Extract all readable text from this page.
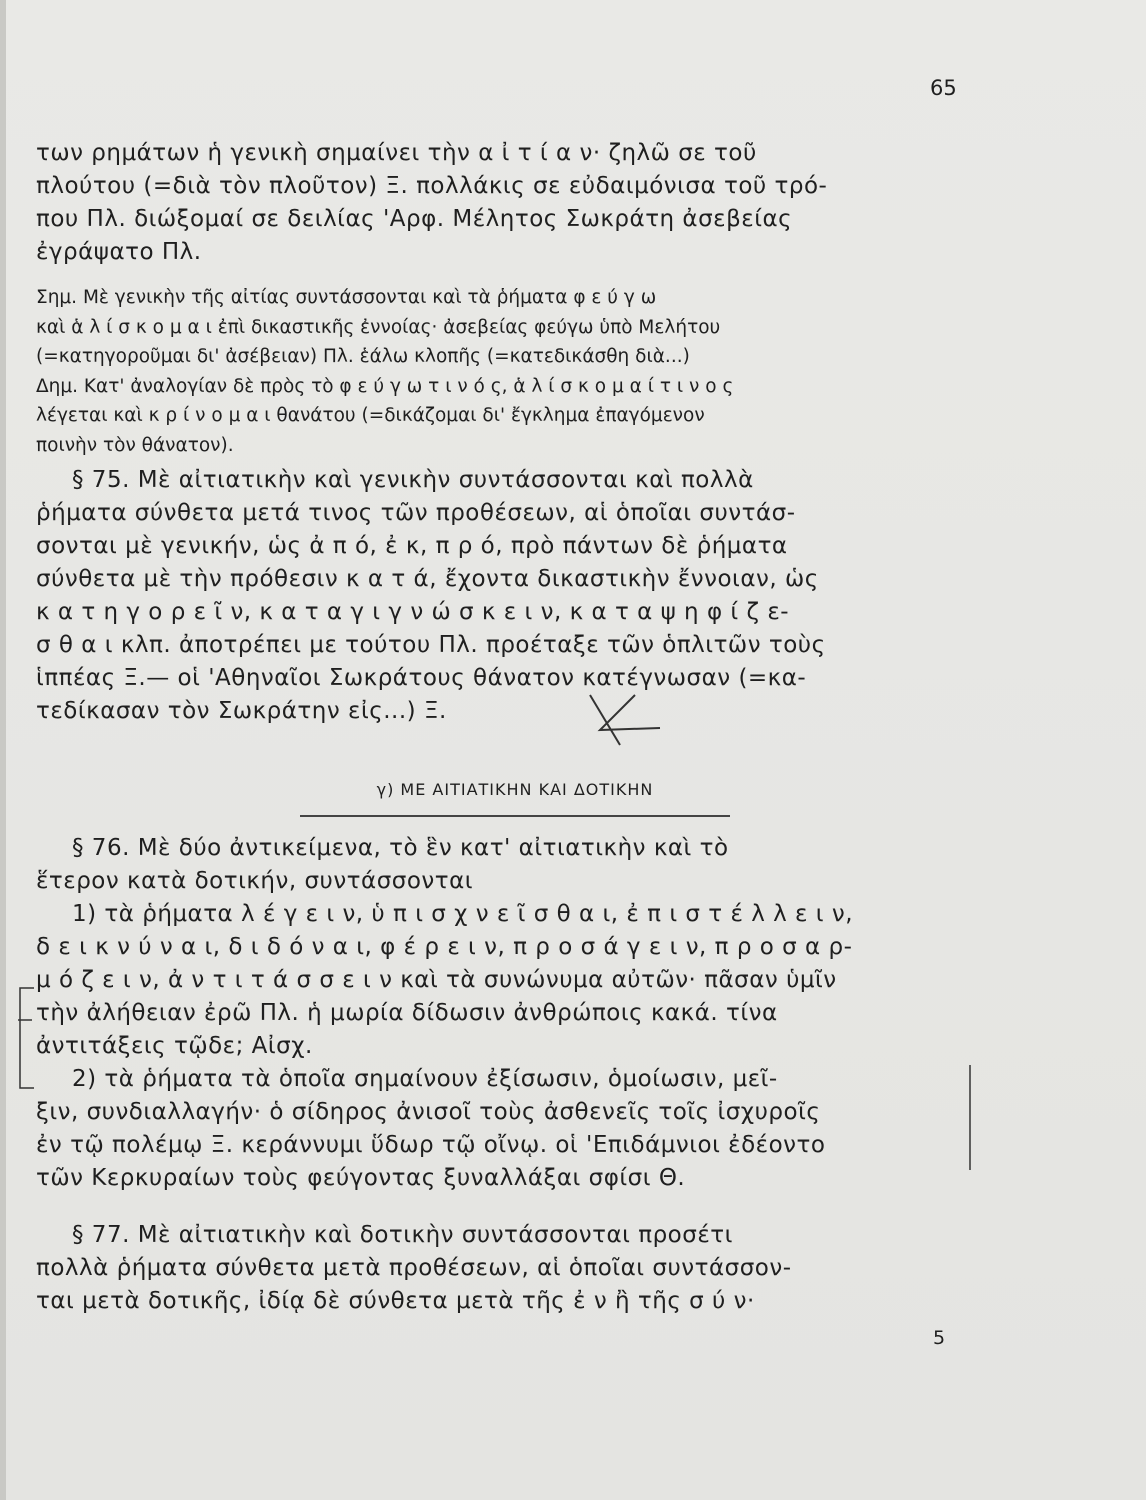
65
των ρημάτων ἡ γενικὴ σημαίνει τὴν α ἰ τ ί α ν· ζηλῶ σε τοῦ
πλούτου (=διὰ τὸν πλοῦτον) Ξ. πολλάκις σε εὐδαιμόνισα τοῦ τρό-
που Πλ. διώξομαί σε δειλίας 'Αρφ. Μέλητος Σωκράτη ἀσεβείας
ἐγράψατο Πλ.
Σημ. Μὲ γενικὴν τῆς αἰτίας συντάσσονται καὶ τὰ ῥήματα φ ε ύ γ ω
καὶ ἁ λ ί σ κ ο μ α ι ἐπὶ δικαστικῆς ἐννοίας· ἀσεβείας φεύγω ὑπὸ Μελήτου
(=κατηγοροῦμαι δι' ἀσέβειαν) Πλ. ἑάλω κλοπῆς (=κατεδικάσθη διὰ...)
Δημ. Κατ' ἀναλογίαν δὲ πρὸς τὸ φ ε ύ γ ω τ ι ν ό ς, ἁ λ ί σ κ ο μ α ί τ ι ν ο ς
λέγεται καὶ κ ρ ί ν ο μ α ι θανάτου (=δικάζομαι δι' ἔγκλημα ἐπαγόμενον
ποινὴν τὸν θάνατον).
§ 75. Μὲ αἰτιατικὴν καὶ γενικὴν συντάσσονται καὶ πολλὰ
ῥήματα σύνθετα μετά τινος τῶν προθέσεων, αἱ ὁποῖαι συντάσ-
σονται μὲ γενικήν, ὡς ἀ π ό, ἐ κ, π ρ ό, πρὸ πάντων δὲ ῥήματα
σύνθετα μὲ τὴν πρόθεσιν κ α τ ά, ἔχοντα δικαστικὴν ἔννοιαν, ὡς
κ α τ η γ ο ρ ε ῖ ν, κ α τ α γ ι γ ν ώ σ κ ε ι ν, κ α τ α ψ η φ ί ζ ε-
σ θ α ι κλπ. ἀποτρέπει με τούτου Πλ. προέταξε τῶν ὁπλιτῶν τοὺς
ἱππέας Ξ.— οἱ 'Αθηναῖοι Σωκράτους θάνατον κατέγνωσαν (=κα-
τεδίκασαν τὸν Σωκράτην εἰς...) Ξ.
γ) ΜΕ ΑΙΤΙΑΤΙΚΗΝ ΚΑΙ ΔΟΤΙΚΗΝ
§ 76. Μὲ δύο ἀντικείμενα, τὸ ἓν κατ' αἰτιατικὴν καὶ τὸ
ἕτερον κατὰ δοτικήν, συντάσσονται
1) τὰ ῥήματα λ έ γ ε ι ν, ὑ π ι σ χ ν ε ῖ σ θ α ι, ἐ π ι σ τ έ λ λ ε ι ν,
δ ε ι κ ν ύ ν α ι, δ ι δ ό ν α ι, φ έ ρ ε ι ν, π ρ ο σ ά γ ε ι ν, π ρ ο σ α ρ-
μ ό ζ ε ι ν, ἀ ν τ ι τ ά σ σ ε ι ν καὶ τὰ συνώνυμα αὐτῶν· πᾶσαν ὑμῖν
τὴν ἀλήθειαν ἐρῶ Πλ. ἡ μωρία δίδωσιν ἀνθρώποις κακά. τίνα
ἀντιτάξεις τῷδε; Αἰσχ.
2) τὰ ῥήματα τὰ ὁποῖα σημαίνουν ἐξίσωσιν, ὁμοίωσιν, μεῖ-
ξιν, συνδιαλλαγήν· ὁ σίδηρος ἀνισοῖ τοὺς ἀσθενεῖς τοῖς ἰσχυροῖς
ἐν τῷ πολέμῳ Ξ. κεράννυμι ὕδωρ τῷ οἴνῳ. οἱ 'Επιδάμνιοι ἐδέοντο
τῶν Κερκυραίων τοὺς φεύγοντας ξυναλλάξαι σφίσι Θ.
§ 77. Μὲ αἰτιατικὴν καὶ δοτικὴν συντάσσονται προσέτι
πολλὰ ῥήματα σύνθετα μετὰ προθέσεων, αἱ ὁποῖαι συντάσσον-
ται μετὰ δοτικῆς, ἰδίᾳ δὲ σύνθετα μετὰ τῆς ἐ ν ἢ τῆς σ ύ ν·
5
